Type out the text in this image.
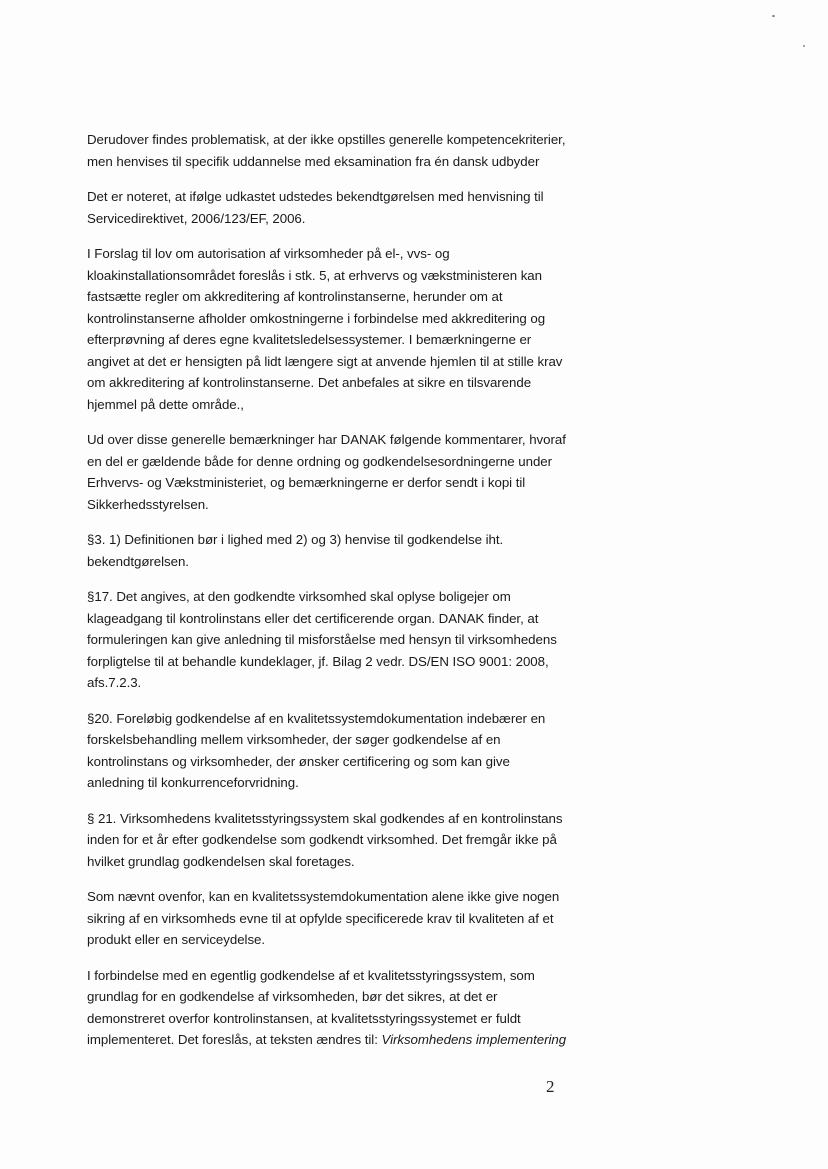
Derudover findes problematisk, at der ikke opstilles generelle kompetencekriterier, men henvises til specifik uddannelse med eksamination fra én dansk udbyder

Det er noteret, at ifølge udkastet udstedes bekendtgørelsen med henvisning til Servicedirektivet, 2006/123/EF, 2006.

I Forslag til lov om autorisation af virksomheder på el-, vvs- og kloakinstallationsområdet foreslås i stk. 5, at erhvervs og vækstministeren kan fastsætte regler om akkreditering af kontrolinstanserne, herunder om at kontrolinstanserne afholder omkostningerne i forbindelse med akkreditering og efterprøvning af deres egne kvalitetsledelsessystemer. I bemærkningerne er angivet at det er hensigten på lidt længere sigt at anvende hjemlen til at stille krav om akkreditering af kontrolinstanserne. Det anbefales at sikre en tilsvarende hjemmel på dette område.,

Ud over disse generelle bemærkninger har DANAK følgende kommentarer, hvoraf en del er gældende både for denne ordning og godkendelsesordningerne under Erhvervs- og Vækstministeriet, og bemærkningerne er derfor sendt i kopi til Sikkerhedsstyrelsen.

§3. 1) Definitionen bør i lighed med 2) og 3) henvise til godkendelse iht. bekendtgørelsen.

§17. Det angives, at den godkendte virksomhed skal oplyse boligejer om klageadgang til kontrolinstans eller det certificerende organ. DANAK finder, at formuleringen kan give anledning til misforståelse med hensyn til virksomhedens forpligtelse til at behandle kundeklager, jf. Bilag 2 vedr. DS/EN ISO 9001: 2008, afs.7.2.3.

§20. Foreløbig godkendelse af en kvalitetssystemdokumentation indebærer en forskelsbehandling mellem virksomheder, der søger godkendelse af en kontrolinstans og virksomheder, der ønsker certificering og som kan give anledning til konkurrenceforvridning.

§ 21. Virksomhedens kvalitetsstyringssystem skal godkendes af en kontrolinstans inden for et år efter godkendelse som godkendt virksomhed. Det fremgår ikke på hvilket grundlag godkendelsen skal foretages.

Som nævnt ovenfor, kan en kvalitetssystemdokumentation alene ikke give nogen sikring af en virksomheds evne til at opfylde specificerede krav til kvaliteten af et produkt eller en serviceydelse.

I forbindelse med en egentlig godkendelse af et kvalitetsstyringssystem, som grundlag for en godkendelse af virksomheden, bør det sikres, at det er demonstreret overfor kontrolinstansen, at kvalitetsstyringssystemet er fuldt implementeret. Det foreslås, at teksten ændres til: Virksomhedens implementering

2
